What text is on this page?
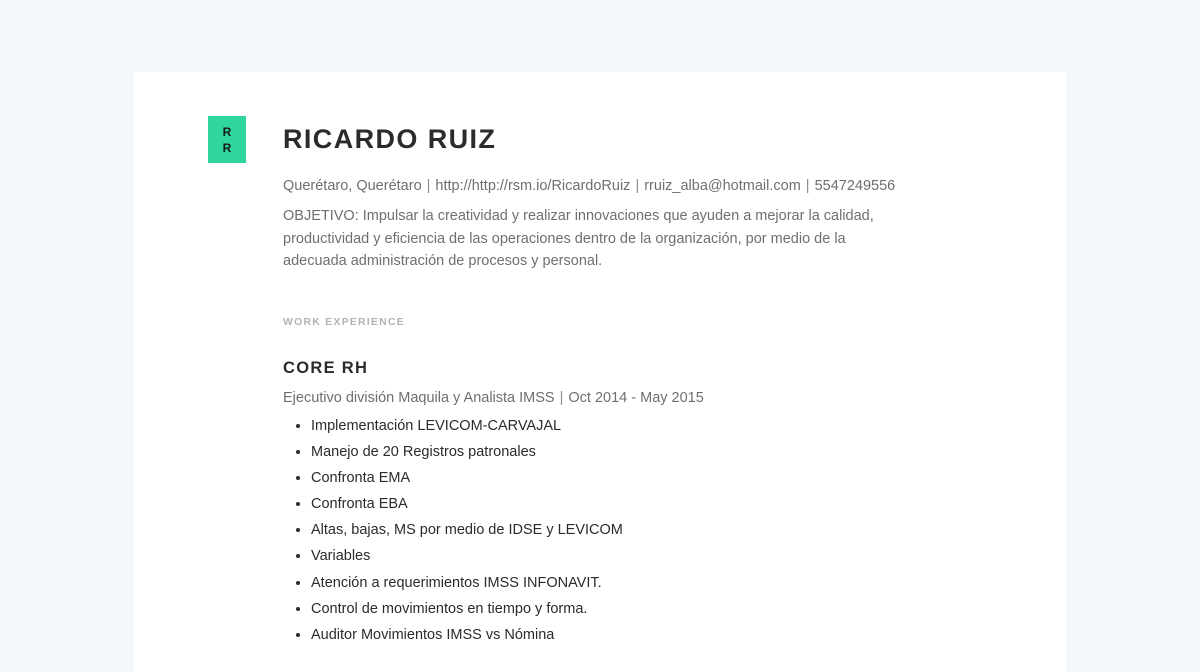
R
R RICARDO RUIZ
Querétaro, Querétaro | http://http://rsm.io/RicardoRuiz | rruiz_alba@hotmail.com | 5547249556
OBJETIVO: Impulsar la creatividad y realizar innovaciones que ayuden a mejorar la calidad, productividad y eficiencia de las operaciones dentro de la organización, por medio de la adecuada administración de procesos y personal.
WORK EXPERIENCE
CORE RH
Ejecutivo división Maquila y Analista IMSS | Oct 2014 - May 2015
• Implementación LEVICOM-CARVAJAL
• Manejo de 20 Registros patronales
• Confronta EMA
• Confronta EBA
• Altas, bajas, MS por medio de IDSE y LEVICOM
• Variables
• Atención a requerimientos IMSS INFONAVIT.
• Control de movimientos en tiempo y forma.
• Auditor Movimientos IMSS vs Nómina
